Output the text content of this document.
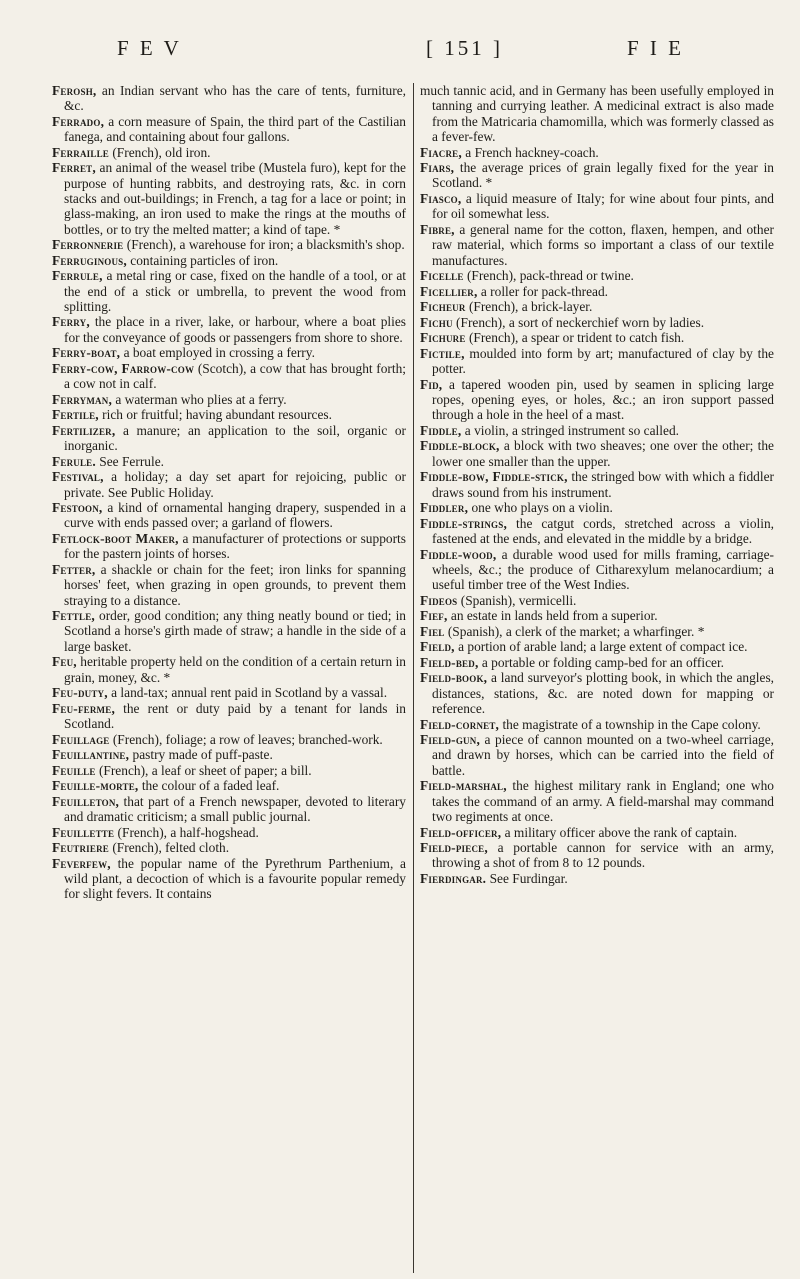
F E V	[ 151 ]	F I E

Ferosh, an Indian servant who has the care of tents, furniture, &c.

Ferrado, a corn measure of Spain, the third part of the Castilian fanega, and containing about four gallons.

Ferraille (French), old iron.

Ferret, an animal of the weasel tribe (Mustela furo), kept for the purpose of hunting rabbits, and destroying rats, &c. in corn stacks and out-buildings; in French, a tag for a lace or point; in glass-making, an iron used to make the rings at the mouths of bottles, or to try the melted matter; a kind of tape. *

Ferronnerie (French), a warehouse for iron; a blacksmith's shop.

Ferruginous, containing particles of iron.

Ferrule, a metal ring or case, fixed on the handle of a tool, or at the end of a stick or umbrella, to prevent the wood from splitting.

Ferry, the place in a river, lake, or harbour, where a boat plies for the conveyance of goods or passengers from shore to shore.

Ferry-boat, a boat employed in crossing a ferry.

Ferry-cow, Farrow-cow (Scotch), a cow that has brought forth; a cow not in calf.

Ferryman, a waterman who plies at a ferry.

Fertile, rich or fruitful; having abundant resources.

Fertilizer, a manure; an application to the soil, organic or inorganic.

Ferule. See Ferrule.

Festival, a holiday; a day set apart for rejoicing, public or private. See Public Holiday.

Festoon, a kind of ornamental hanging drapery, suspended in a curve with ends passed over; a garland of flowers.

Fetlock-boot Maker, a manufacturer of protections or supports for the pastern joints of horses.

Fetter, a shackle or chain for the feet; iron links for spanning horses' feet, when grazing in open grounds, to prevent them straying to a distance.

Fettle, order, good condition; any thing neatly bound or tied; in Scotland a horse's girth made of straw; a handle in the side of a large basket.

Feu, heritable property held on the condition of a certain return in grain, money, &c. *

Feu-duty, a land-tax; annual rent paid in Scotland by a vassal.

Feu-ferme, the rent or duty paid by a tenant for lands in Scotland.

Feuillage (French), foliage; a row of leaves; branched-work.

Feuillantine, pastry made of puff-paste.

Feuille (French), a leaf or sheet of paper; a bill.

Feuille-morte, the colour of a faded leaf.

Feuilleton, that part of a French newspaper, devoted to literary and dramatic criticism; a small public journal.

Feuillette (French), a half-hogshead.

Feutriere (French), felted cloth.

Feverfew, the popular name of the Pyrethrum Parthenium, a wild plant, a decoction of which is a favourite popular remedy for slight fevers. It contains

much tannic acid, and in Germany has been usefully employed in tanning and currying leather. A medicinal extract is also made from the Matricaria chamomilla, which was formerly classed as a fever-few.

Fiacre, a French hackney-coach.

Fiars, the average prices of grain legally fixed for the year in Scotland. *

Fiasco, a liquid measure of Italy; for wine about four pints, and for oil somewhat less.

Fibre, a general name for the cotton, flaxen, hempen, and other raw material, which forms so important a class of our textile manufactures.

Ficelle (French), pack-thread or twine.

Ficellier, a roller for pack-thread.

Ficheur (French), a brick-layer.

Fichu (French), a sort of neckerchief worn by ladies.

Fichure (French), a spear or trident to catch fish.

Fictile, moulded into form by art; manufactured of clay by the potter.

Fid, a tapered wooden pin, used by seamen in splicing large ropes, opening eyes, or holes, &c.; an iron support passed through a hole in the heel of a mast.

Fiddle, a violin, a stringed instrument so called.

Fiddle-block, a block with two sheaves; one over the other; the lower one smaller than the upper.

Fiddle-bow, Fiddle-stick, the stringed bow with which a fiddler draws sound from his instrument.

Fiddler, one who plays on a violin.

Fiddle-strings, the catgut cords, stretched across a violin, fastened at the ends, and elevated in the middle by a bridge.

Fiddle-wood, a durable wood used for mills framing, carriage-wheels, &c.; the produce of Citharexylum melanocardium; a useful timber tree of the West Indies.

Fideos (Spanish), vermicelli.

Fief, an estate in lands held from a superior.

Fiel (Spanish), a clerk of the market; a wharfinger. *

Field, a portion of arable land; a large extent of compact ice.

Field-bed, a portable or folding camp-bed for an officer.

Field-book, a land surveyor's plotting book, in which the angles, distances, stations, &c. are noted down for mapping or reference.

Field-cornet, the magistrate of a township in the Cape colony.

Field-gun, a piece of cannon mounted on a two-wheel carriage, and drawn by horses, which can be carried into the field of battle.

Field-marshal, the highest military rank in England; one who takes the command of an army. A field-marshal may command two regiments at once.

Field-officer, a military officer above the rank of captain.

Field-piece, a portable cannon for service with an army, throwing a shot of from 8 to 12 pounds.

Fierdingar. See Furdingar.
